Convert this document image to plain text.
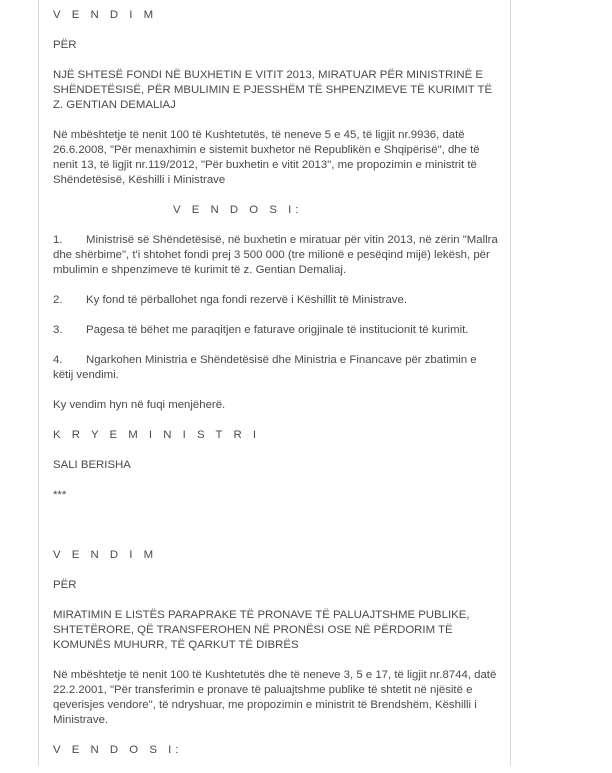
V E N D I M

PËR

NJË SHTESË FONDI NË BUXHETIN E VITIT 2013, MIRATUAR PËR MINISTRINË E SHËNDETËSISË, PËR MBULIMIN E PJESSHËM TË SHPENZIMEVE TË KURIMIT TË Z. GENTIAN DEMALIAJ

Në mbështetje të nenit 100 të Kushtetutës, të neneve 5 e 45, të ligjit nr.9936, datë 26.6.2008, "Për menaxhimin e sistemit buxhetor në Republikën e Shqipërisë", dhe të nenit 13, të ligjit nr.119/2012, "Për buxhetin e vitit 2013", me propozimin e ministrit të Shëndetësisë, Këshilli i Ministrave

V E N D O S I:

1. Ministrisë së Shëndetësisë, në buxhetin e miratuar për vitin 2013, në zërin "Mallra dhe shërbime", t'i shtohet fondi prej 3 500 000 (tre milionë e pesëqind mijë) lekësh, për mbulimin e shpenzimeve të kurimit të z. Gentian Demaliaj.

2. Ky fond të përballohet nga fondi rezervë i Këshillit të Ministrave.

3. Pagesa të bëhet me paraqitjen e faturave origjinale të institucionit të kurimit.

4. Ngarkohen Ministria e Shëndetësisë dhe Ministria e Financave për zbatimin e këtij vendimi.

Ky vendim hyn në fuqi menjëherë.

K R Y E M I N I S T R I

SALI BERISHA

***

V E N D I M

PËR

MIRATIMIN E LISTËS PARAPRAKE TË PRONAVE TË PALUAJTSHME PUBLIKE, SHTETËRORE, QË TRANSFEROHEN NË PRONËSI OSE NË PËRDORIM TË KOMUNËS MUHURR, TË QARKUT TË DIBRËS

Në mbështetje të nenit 100 të Kushtetutës dhe të neneve 3, 5 e 17, të ligjit nr.8744, datë 22.2.2001, "Për transferimin e pronave të paluajtshme publike të shtetit në njësitë e qeverisjes vendore", të ndryshuar, me propozimin e ministrit të Brendshëm, Këshilli i Ministrave.

V E N D O S I:
